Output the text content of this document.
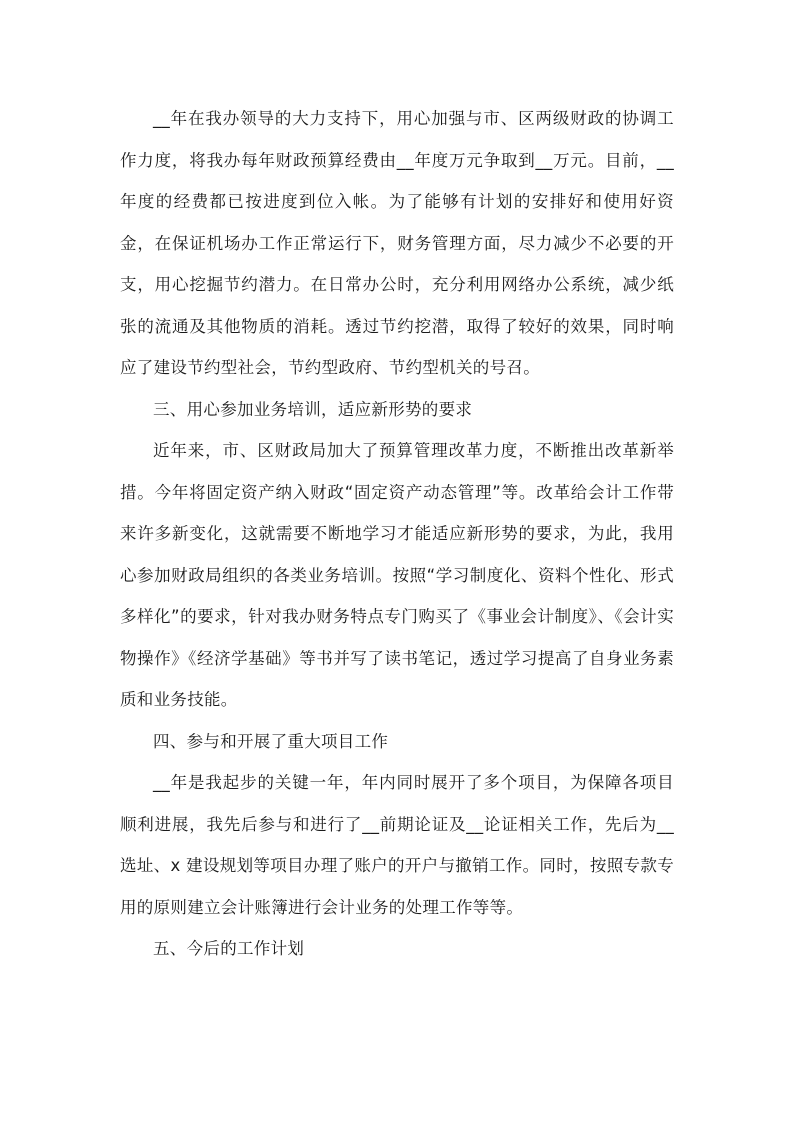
__年在我办领导的大力支持下，用心加强与市、区两级财政的协调工作力度，将我办每年财政预算经费由__年度万元争取到__万元。目前，__年度的经费都已按进度到位入帐。为了能够有计划的安排好和使用好资金，在保证机场办工作正常运行下，财务管理方面，尽力减少不必要的开支，用心挖掘节约潜力。在日常办公时，充分利用网络办公系统，减少纸张的流通及其他物质的消耗。透过节约挖潜，取得了较好的效果，同时响应了建设节约型社会，节约型政府、节约型机关的号召。

三、用心参加业务培训，适应新形势的要求

近年来，市、区财政局加大了预算管理改革力度，不断推出改革新举措。今年将固定资产纳入财政“固定资产动态管理”等。改革给会计工作带来许多新变化，这就需要不断地学习才能适应新形势的要求，为此，我用心参加财政局组织的各类业务培训。按照“学习制度化、资料个性化、形式多样化”的要求，针对我办财务特点专门购买了《事业会计制度》、《会计实物操作》《经济学基础》等书并写了读书笔记，透过学习提高了自身业务素质和业务技能。

四、参与和开展了重大项目工作

__年是我起步的关键一年，年内同时展开了多个项目，为保障各项目顺利进展，我先后参与和进行了__前期论证及__论证相关工作，先后为__选址、x 建设规划等项目办理了账户的开户与撤销工作。同时，按照专款专用的原则建立会计账簿进行会计业务的处理工作等等。

五、今后的工作计划
